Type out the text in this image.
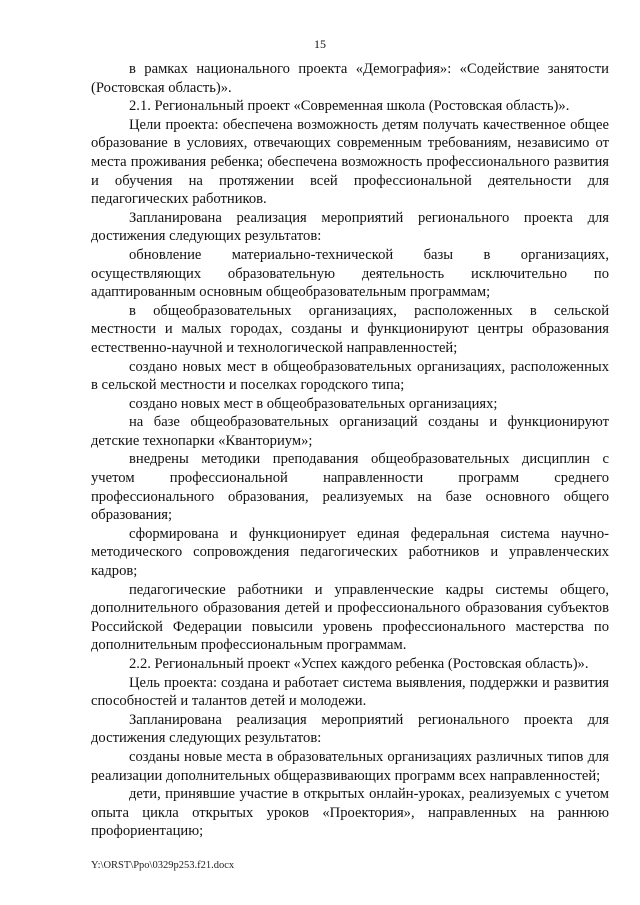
15

в рамках национального проекта «Демография»: «Содействие занятости (Ростовская область)».

2.1. Региональный проект «Современная школа (Ростовская область)».

Цели проекта: обеспечена возможность детям получать качественное общее образование в условиях, отвечающих современным требованиям, независимо от места проживания ребенка; обеспечена возможность профессионального развития и обучения на протяжении всей профессиональной деятельности для педагогических работников.

Запланирована реализация мероприятий регионального проекта для достижения следующих результатов:

обновление материально-технической базы в организациях, осуществляющих образовательную деятельность исключительно по адаптированным основным общеобразовательным программам;

в общеобразовательных организациях, расположенных в сельской местности и малых городах, созданы и функционируют центры образования естественно-научной и технологической направленностей;

создано новых мест в общеобразовательных организациях, расположенных в сельской местности и поселках городского типа;

создано новых мест в общеобразовательных организациях;

на базе общеобразовательных организаций созданы и функционируют детские технопарки «Кванториум»;

внедрены методики преподавания общеобразовательных дисциплин с учетом профессиональной направленности программ среднего профессионального образования, реализуемых на базе основного общего образования;

сформирована и функционирует единая федеральная система научно-методического сопровождения педагогических работников и управленческих кадров;

педагогические работники и управленческие кадры системы общего, дополнительного образования детей и профессионального образования субъектов Российской Федерации повысили уровень профессионального мастерства по дополнительным профессиональным программам.

2.2. Региональный проект «Успех каждого ребенка (Ростовская область)».

Цель проекта: создана и работает система выявления, поддержки и развития способностей и талантов детей и молодежи.

Запланирована реализация мероприятий регионального проекта для достижения следующих результатов:

созданы новые места в образовательных организациях различных типов для реализации дополнительных общеразвивающих программ всех направленностей;

дети, принявшие участие в открытых онлайн-уроках, реализуемых с учетом опыта цикла открытых уроков «Проектория», направленных на раннюю профориентацию;

Y:\ORST\Ppo\0329p253.f21.docx
